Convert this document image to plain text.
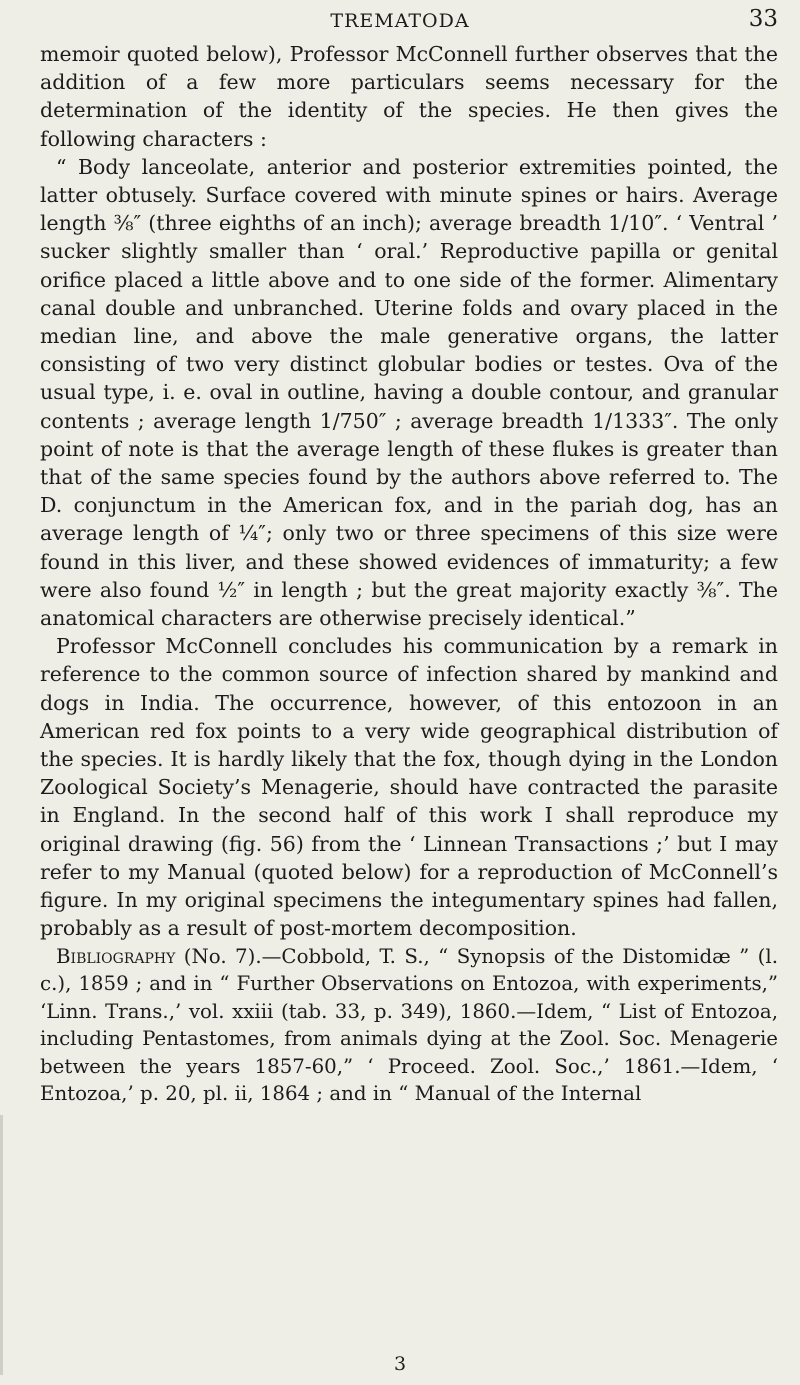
TREMATODA	33

memoir quoted below), Professor McConnell further observes that the addition of a few more particulars seems necessary for the determination of the identity of the species. He then gives the following characters :

“ Body lanceolate, anterior and posterior extremities pointed, the latter obtusely. Surface covered with minute spines or hairs. Average length ⅜″ (three eighths of an inch); average breadth 1/10″. ‘ Ventral ’ sucker slightly smaller than ‘ oral.’ Reproductive papilla or genital orifice placed a little above and to one side of the former. Alimentary canal double and unbranched. Uterine folds and ovary placed in the median line, and above the male generative organs, the latter consisting of two very distinct globular bodies or testes. Ova of the usual type, i. e. oval in outline, having a double contour, and granular contents ; average length 1/750″ ; average breadth 1/1333″. The only point of note is that the average length of these flukes is greater than that of the same species found by the authors above referred to. The D. conjunctum in the American fox, and in the pariah dog, has an average length of ¼″; only two or three specimens of this size were found in this liver, and these showed evidences of immaturity; a few were also found ½″ in length ; but the great majority exactly ⅜″. The anatomical characters are otherwise precisely identical.”

Professor McConnell concludes his communication by a remark in reference to the common source of infection shared by mankind and dogs in India. The occurrence, however, of this entozoon in an American red fox points to a very wide geographical distribution of the species. It is hardly likely that the fox, though dying in the London Zoological Society’s Menagerie, should have contracted the parasite in England. In the second half of this work I shall reproduce my original drawing (fig. 56) from the ‘ Linnean Transactions ;’ but I may refer to my Manual (quoted below) for a reproduction of McConnell’s figure. In my original specimens the integumentary spines had fallen, probably as a result of post-mortem decomposition.

Bibliography (No. 7).—Cobbold, T. S., “ Synopsis of the Distomidæ ” (l. c.), 1859 ; and in “ Further Observations on Entozoa, with experiments,” ‘Linn. Trans.,’ vol. xxiii (tab. 33, p. 349), 1860.—Idem, “ List of Entozoa, including Pentastomes, from animals dying at the Zool. Soc. Menagerie between the years 1857-60,” ‘ Proceed. Zool. Soc.,’ 1861.—Idem, ‘ Entozoa,’ p. 20, pl. ii, 1864 ; and in “ Manual of the Internal

3
